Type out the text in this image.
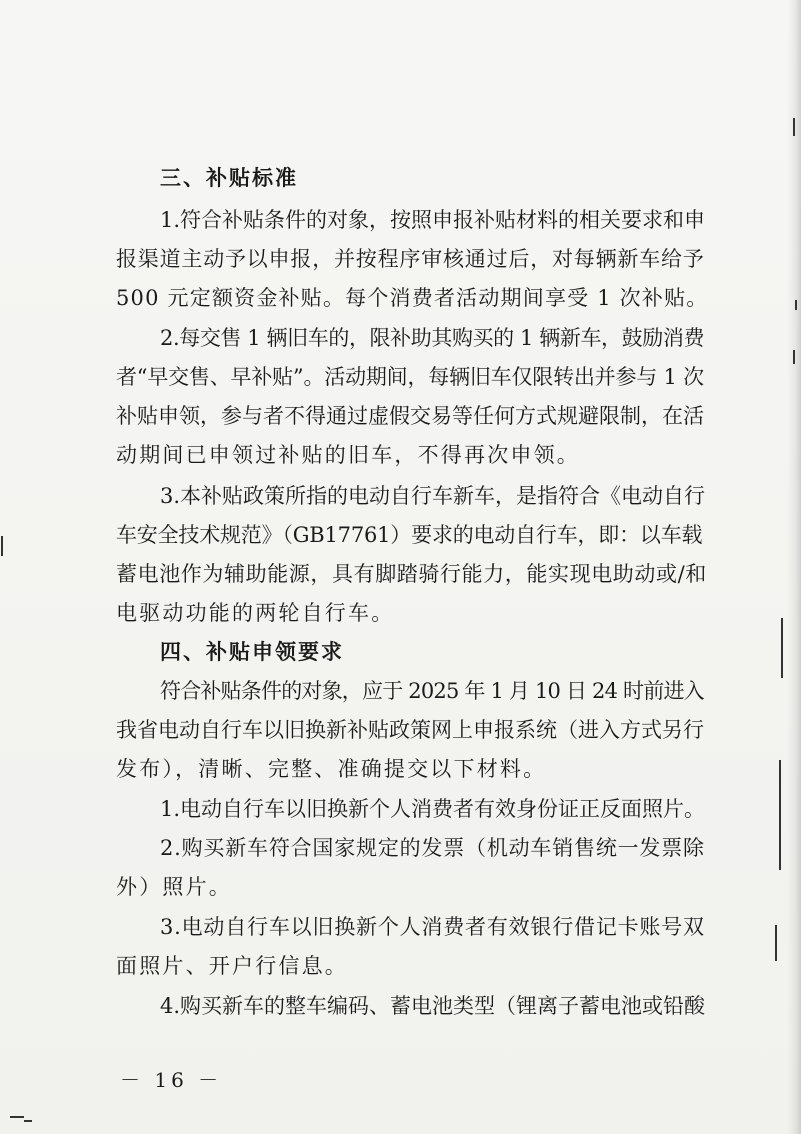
三、补贴标准
1.符合补贴条件的对象，按照申报补贴材料的相关要求和申
报渠道主动予以申报，并按程序审核通过后，对每辆新车给予
500 元定额资金补贴。每个消费者活动期间享受 1 次补贴。
2.每交售 1 辆旧车的，限补助其购买的 1 辆新车，鼓励消费
者“早交售、早补贴”。活动期间，每辆旧车仅限转出并参与 1 次
补贴申领，参与者不得通过虚假交易等任何方式规避限制，在活
动期间已申领过补贴的旧车，不得再次申领。
3.本补贴政策所指的电动自行车新车，是指符合《电动自行
车安全技术规范》（GB17761）要求的电动自行车，即：以车载
蓄电池作为辅助能源，具有脚踏骑行能力，能实现电助动或/和
电驱动功能的两轮自行车。
四、补贴申领要求
符合补贴条件的对象，应于 2025 年 1 月 10 日 24 时前进入
我省电动自行车以旧换新补贴政策网上申报系统（进入方式另行
发布），清晰、完整、准确提交以下材料。
1.电动自行车以旧换新个人消费者有效身份证正反面照片。
2.购买新车符合国家规定的发票（机动车销售统一发票除
外）照片。
3.电动自行车以旧换新个人消费者有效银行借记卡账号双
面照片、开户行信息。
4.购买新车的整车编码、蓄电池类型（锂离子蓄电池或铅酸
－ 16 －
